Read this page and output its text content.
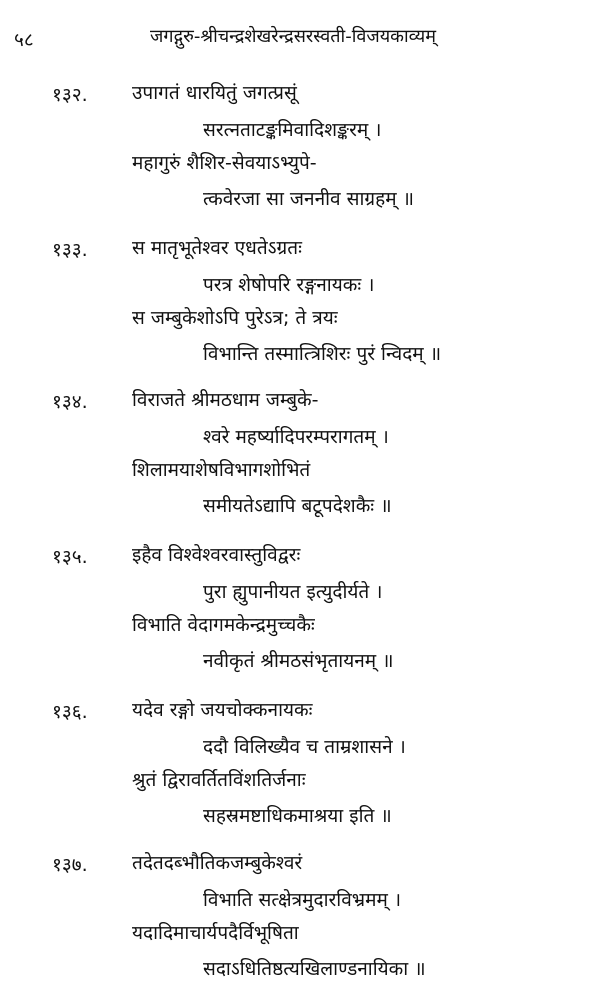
५८	जगद्गुरु-श्रीचन्द्रशेखरेन्द्रसरस्वती-विजयकाव्यम्
१३२. उपागतं धारयितुं जगत्प्रसूं
सरत्नताटङ्कमिवादिशङ्करम् ।
महागुरुं शैशिर-सेवयाऽभ्युपे-
त्कवेरजा सा जननीव साग्रहम् ॥
१३३. स मातृभूतेश्वर एधतेऽग्रतः
परत्र शेषोपरि रङ्गनायकः ।
स जम्बुकेशोऽपि पुरेऽत्र; ते त्रयः
विभान्ति तस्मात्त्रिशिरः पुरं न्विदम् ॥
१३४. विराजते श्रीमठधाम जम्बुके-
श्वरे महर्ष्यादिपरम्परागतम् ।
शिलामयाशेषविभागशोभितं
समीयतेऽद्यापि बटूपदेशकैः ॥
१३५. इहैव विश्वेश्वरवास्तुविद्वरः
पुरा ह्युपानीयत इत्युदीर्यते ।
विभाति वेदागमकेन्द्रमुच्चकैः
नवीकृतं श्रीमठसंभृतायनम् ॥
१३६. यदेव रङ्गो जयचोक्कनायकः
ददौ विलिख्यैव च ताम्रशासने ।
श्रुतं द्विरावर्तितविंशतिर्जनाः
सहस्रमष्टाधिकमाश्रया इति ॥
१३७. तदेतदब्भौतिकजम्बुकेश्वरं
विभाति सत्क्षेत्रमुदारविभ्रमम् ।
यदादिमाचार्यपदैर्विभूषिता
सदाऽधितिष्ठत्यखिलाण्डनायिका ॥
